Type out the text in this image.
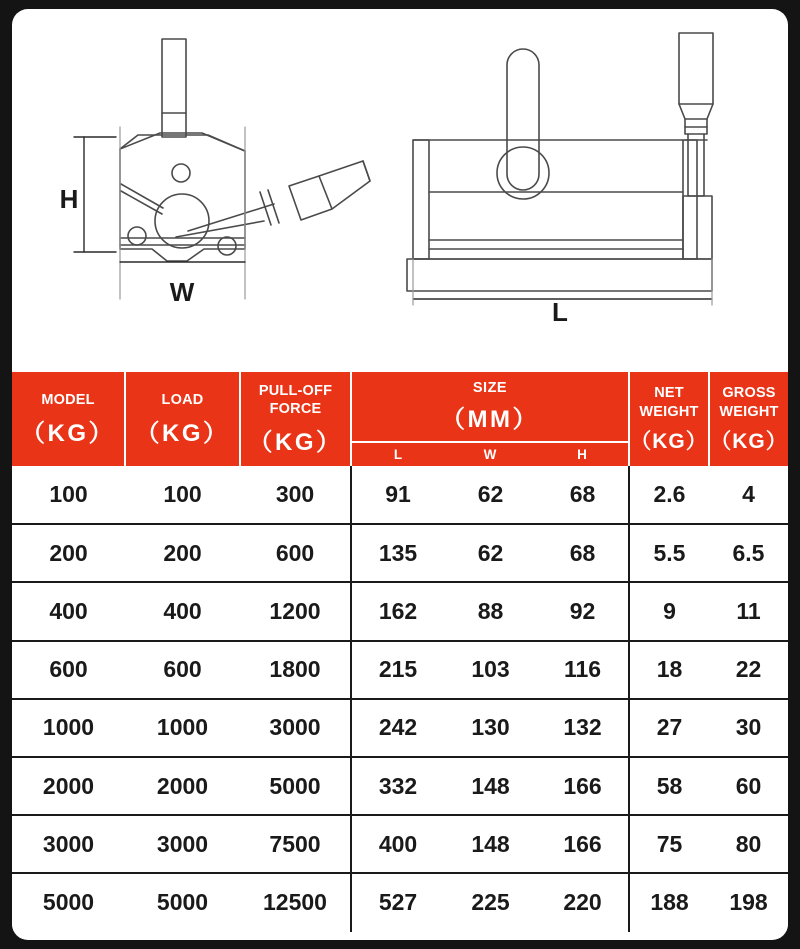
H
W
L
MODEL
（KG）

LOAD
（KG）

PULL-OFF
FORCE
（KG）

SIZE
（MM）
L	W	H

NET
WEIGHT
（KG）

GROSS
WEIGHT
（KG）

100	100	300	91	62	68	2.6	4
200	200	600	135	62	68	5.5	6.5
400	400	1200	162	88	92	9	11
600	600	1800	215	103	116	18	22
1000	1000	3000	242	130	132	27	30
2000	2000	5000	332	148	166	58	60
3000	3000	7500	400	148	166	75	80
5000	5000	12500	527	225	220	188	198
